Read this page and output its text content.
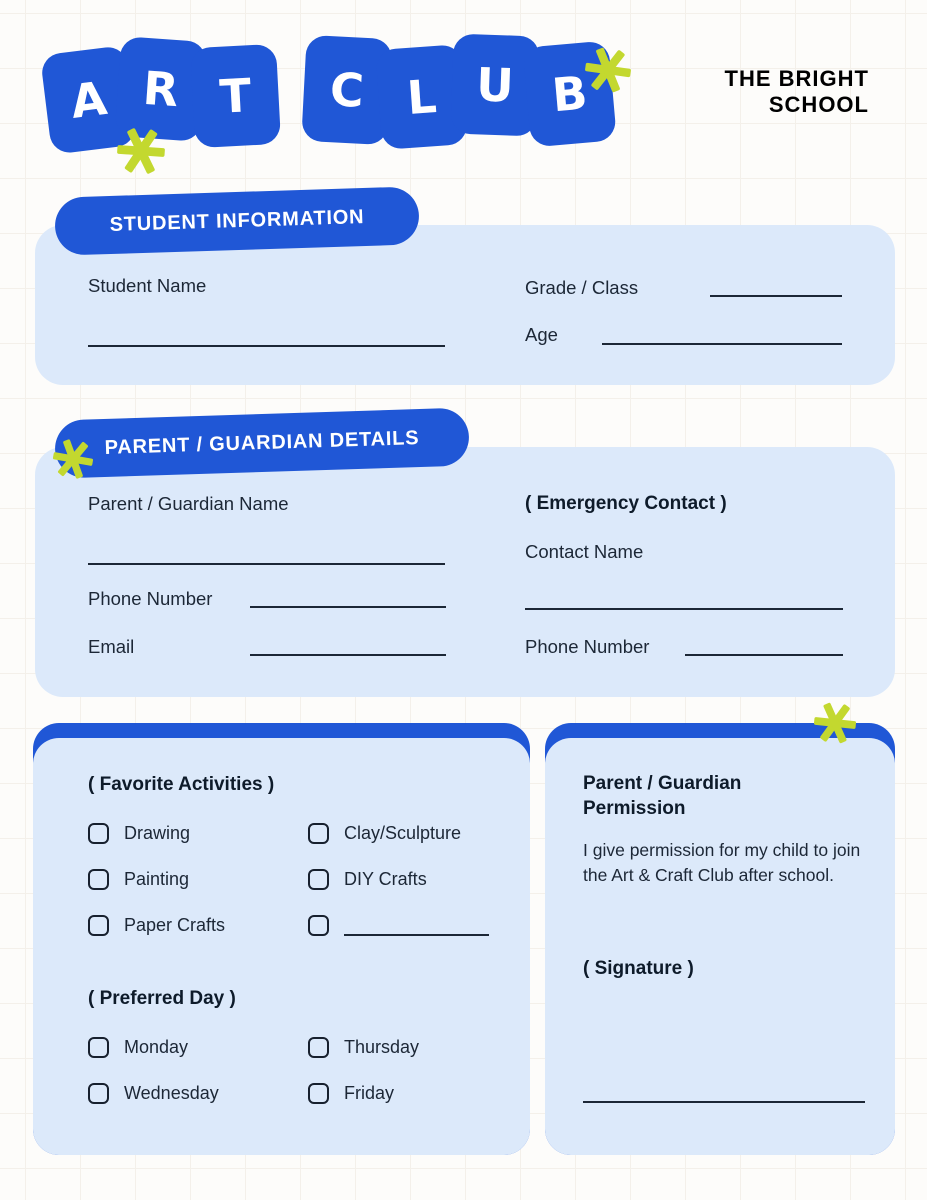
A R T	C L U B	THE BRIGHT
SCHOOL
STUDENT INFORMATION
Student Name	Grade / Class
Age
PARENT / GUARDIAN DETAILS
Parent / Guardian Name
Phone Number
Email
( Emergency Contact )
Contact Name
Phone Number
( Favorite Activities )
Drawing
Painting
Paper Crafts
Clay/Sculpture
DIY Crafts
( Preferred Day )
Monday
Wednesday
Thursday
Friday
Parent / Guardian Permission
I give permission for my child to join the Art & Craft Club after school.
( Signature )
